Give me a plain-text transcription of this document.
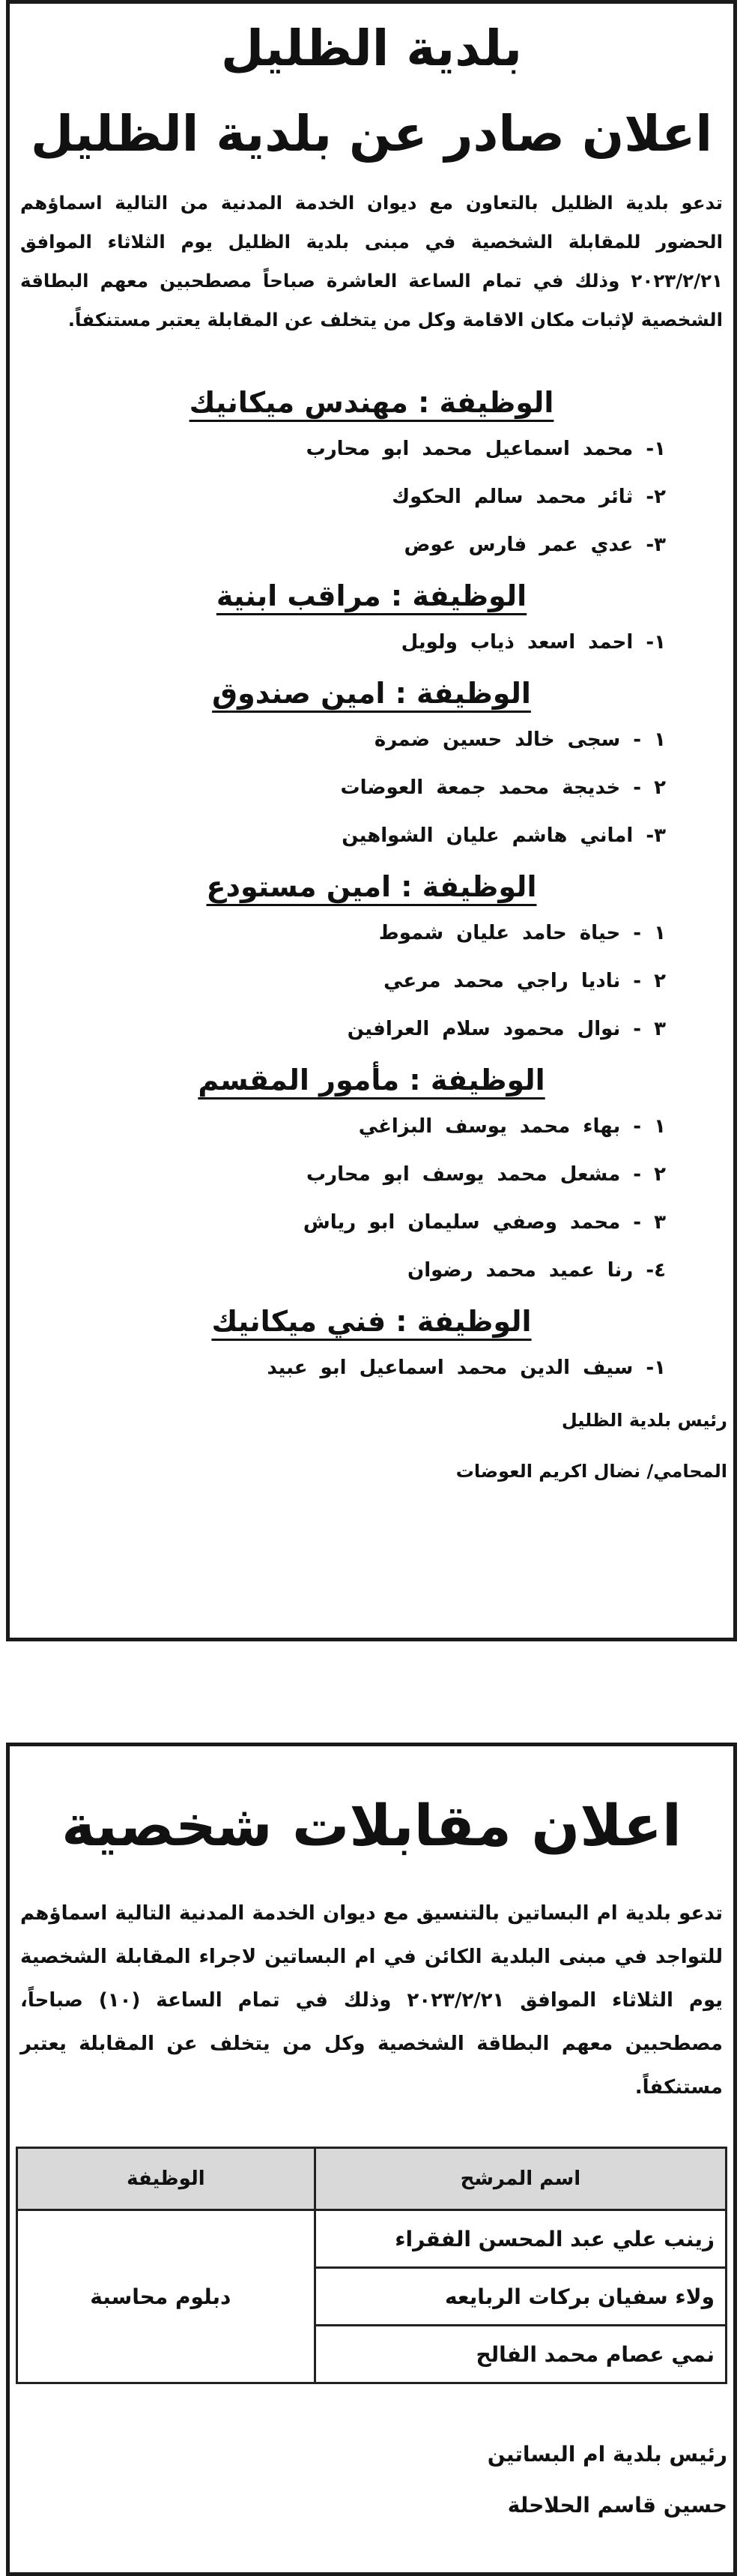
بلدية الظليل
اعلان صادر عن بلدية الظليل

تدعو بلدية الظليل بالتعاون مع ديوان الخدمة المدنية من التالية اسماؤهم الحضور للمقابلة الشخصية في مبنى بلدية الظليل يوم الثلاثاء الموافق ٢٠٢٣/٢/٢١ وذلك في تمام الساعة العاشرة صباحاً مصطحبين معهم البطاقة الشخصية لإثبات مكان الاقامة وكل من يتخلف عن المقابلة يعتبر مستنكفاً.

الوظيفة : مهندس ميكانيك
١- محمد اسماعيل محمد ابو محارب
٢- ثائر محمد سالم الحكوك
٣- عدي عمر فارس عوض
الوظيفة : مراقب ابنية
١- احمد اسعد ذياب ولويل
الوظيفة : امين صندوق
١ - سجى خالد حسين ضمرة
٢ - خديجة محمد جمعة العوضات
٣- اماني هاشم عليان الشواهين
الوظيفة : امين مستودع
١ - حياة حامد عليان شموط
٢ - ناديا راجي محمد مرعي
٣ - نوال محمود سلام العرافين
الوظيفة : مأمور المقسم
١ - بهاء محمد يوسف البزاغي
٢ - مشعل محمد يوسف ابو محارب
٣ - محمد وصفي سليمان ابو رياش
٤- رنا عميد محمد رضوان
الوظيفة : فني ميكانيك
١- سيف الدين محمد اسماعيل ابو عبيد
رئيس بلدية الظليل
المحامي/ نضال اكريم العوضات
اعلان مقابلات شخصية

تدعو بلدية ام البساتين بالتنسيق مع ديوان الخدمة المدنية التالية اسماؤهم للتواجد في مبنى البلدية الكائن في ام البساتين لاجراء المقابلة الشخصية يوم الثلاثاء الموافق ٢٠٢٣/٢/٢١ وذلك في تمام الساعة (١٠) صباحاً، مصطحبين معهم البطاقة الشخصية وكل من يتخلف عن المقابلة يعتبر مستنكفاً.

اسم المرشح	الوظيفة
زينب علي عبد المحسن الفقراء	دبلوم محاسبة
ولاء سفيان بركات الربايعه	
نمي عصام محمد الفالح	
رئيس بلدية ام البساتين
حسين قاسم الحلاحلة
